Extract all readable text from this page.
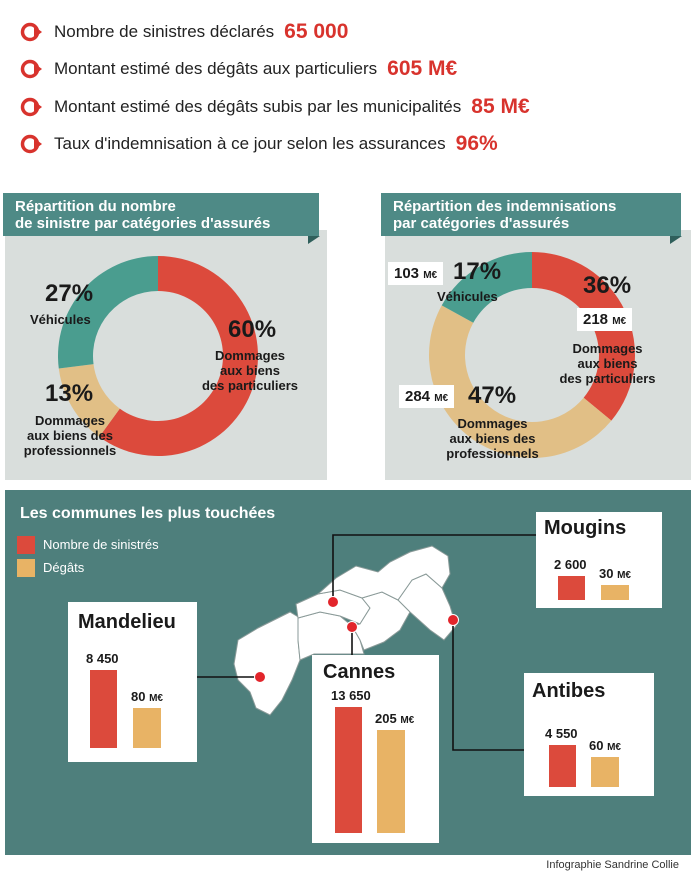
Nombre de sinistres déclarés 65 000
Montant estimé des dégâts aux particuliers 605 M€
Montant estimé des dégâts subis par les municipalités 85 M€
Taux d'indemnisation à ce jour selon les assurances 96%
Répartition du nombre
de sinistre par catégories d'assurés
60%
Dommages
aux biens
des particuliers
13%
Dommages
aux biens des
professionnels
27%
Véhicules
Répartition des indemnisations
par catégories d'assurés
103 M€ 17%
Véhicules	36%
218 M€
Dommages
aux biens
des particuliers
284 M€ 47%
Dommages
aux biens des
professionnels
Les communes les plus touchées
Nombre de sinistrés
Dégâts
Mandelieu
Cannes
Mougins
Antibes
8 450
80 M€	13 650
205 M€
2 600
30 M€
4 550
60 M€
Infographie Sandrine Collie
